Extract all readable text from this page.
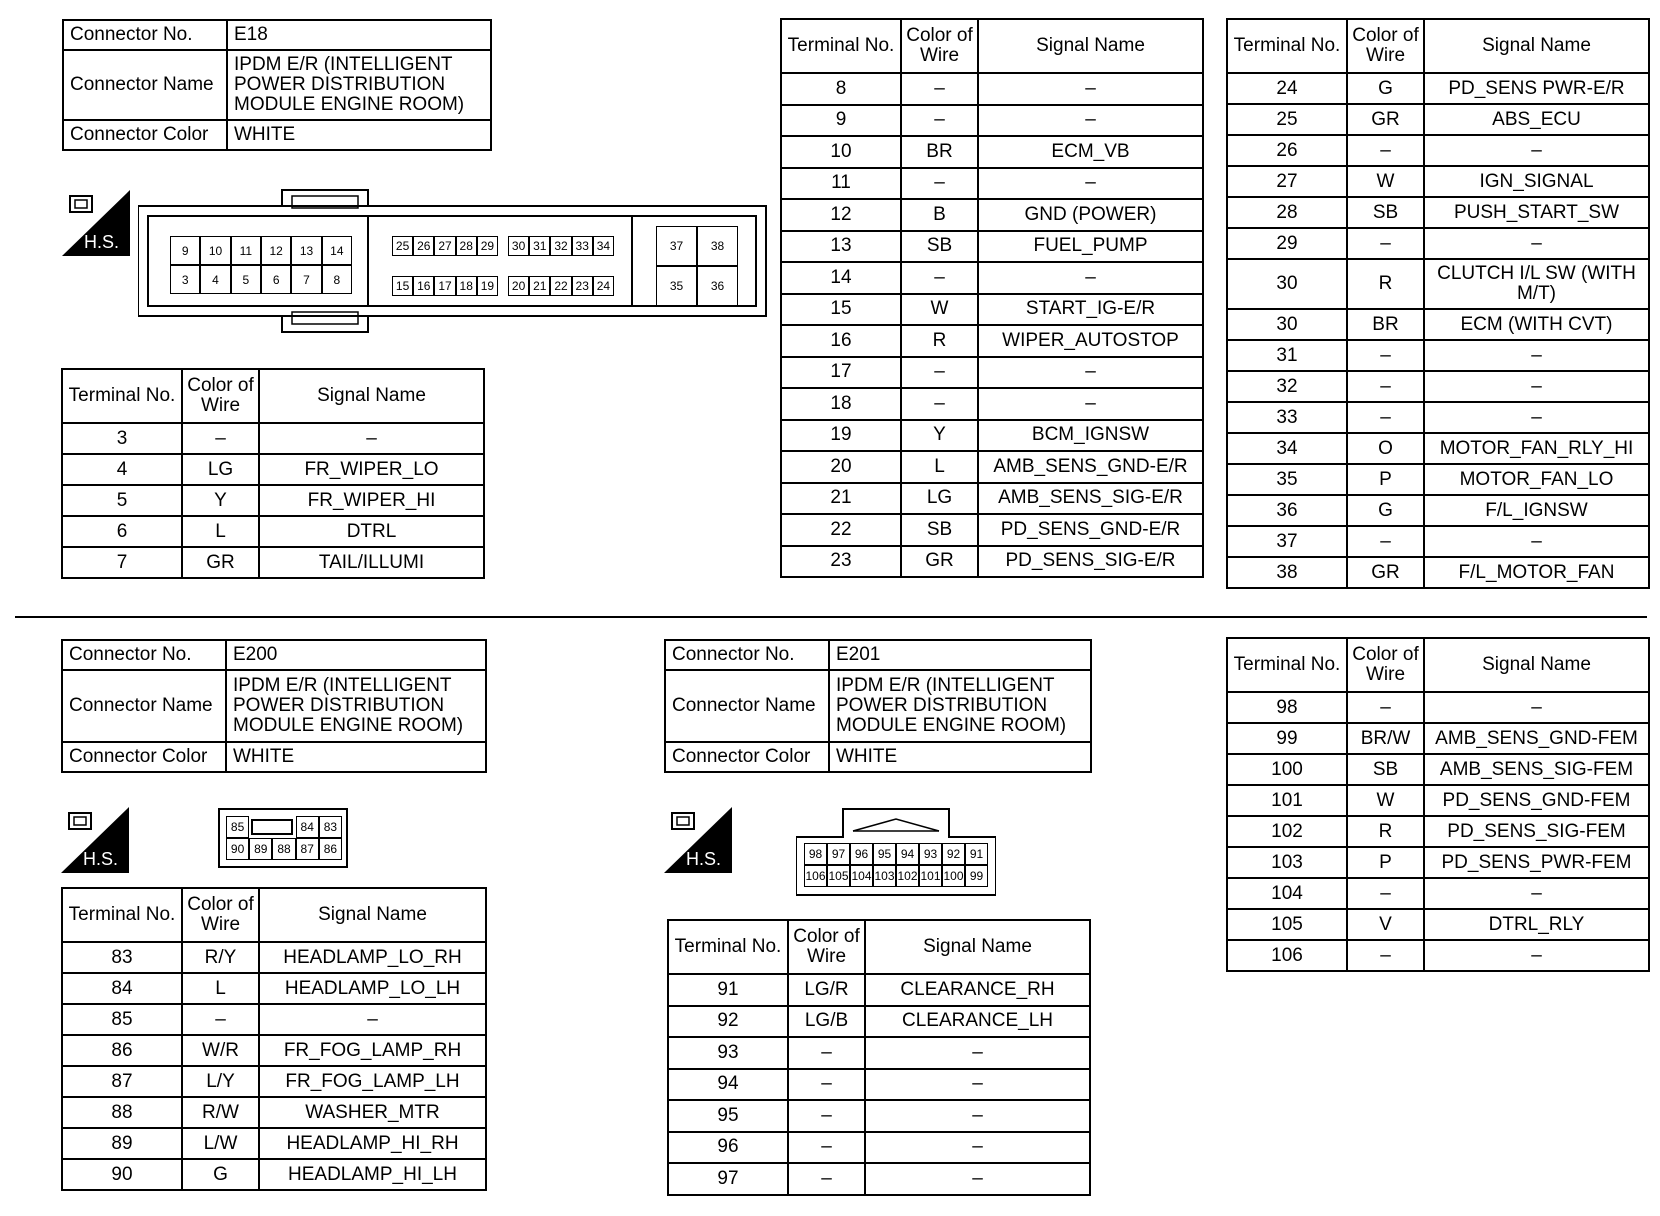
Connector No.	E18
Connector Name	IPDM E/R (INTELLIGENT POWER DISTRIBUTION MODULE ENGINE ROOM)
Connector Color	WHITE
H.S.	9	10	11	12	13	14
3	4	5	6	7	8
25 26 27 28 29	30 31 32 33 34
15 16 17 18 19	20 21 22 23 24
37	38
35	36
Terminal No.	Color of Wire	Signal Name
3	–	–
4	LG	FR_WIPER_LO
5	Y	FR_WIPER_HI
6	L	DTRL
7	GR	TAIL/ILLUMI
Terminal No.	Color of Wire	Signal Name
8	–	–
9	–	–
10	BR	ECM_VB
11	–	–
12	B	GND (POWER)
13	SB	FUEL_PUMP
14	–	–
15	W	START_IG-E/R
16	R	WIPER_AUTOSTOP
17	–	–
18	–	–
19	Y	BCM_IGNSW
20	L	AMB_SENS_GND-E/R
21	LG	AMB_SENS_SIG-E/R
22	SB	PD_SENS_GND-E/R
23	GR	PD_SENS_SIG-E/R
Terminal No.	Color of Wire	Signal Name
24	G	PD_SENS PWR-E/R
25	GR	ABS_ECU
26	–	–
27	W	IGN_SIGNAL
28	SB	PUSH_START_SW
29	–	–
30	R	CLUTCH I/L SW (WITH M/T)
30	BR	ECM (WITH CVT)
31	–	–
32	–	–
33	–	–
34	O	MOTOR_FAN_RLY_HI
35	P	MOTOR_FAN_LO
36	G	F/L_IGNSW
37	–	–
38	GR	F/L_MOTOR_FAN
Connector No.	E200
Connector Name	IPDM E/R (INTELLIGENT POWER DISTRIBUTION MODULE ENGINE ROOM)
Connector Color	WHITE
H.S.
85	84 83
90 89 88 87 86
Terminal No.	Color of Wire	Signal Name
83	R/Y	HEADLAMP_LO_RH
84	L	HEADLAMP_LO_LH
85	–	–
86	W/R	FR_FOG_LAMP_RH
87	L/Y	FR_FOG_LAMP_LH
88	R/W	WASHER_MTR
89	L/W	HEADLAMP_HI_RH
90	G	HEADLAMP_HI_LH
Connector No.	E201
Connector Name	IPDM E/R (INTELLIGENT POWER DISTRIBUTION MODULE ENGINE ROOM)
Connector Color	WHITE
H.S.	98 97 96 95 94 93 92 91
106 105 104 103 102 101 100 99
Terminal No.	Color of Wire	Signal Name
91	LG/R	CLEARANCE_RH
92	LG/B	CLEARANCE_LH
93	–	–
94	–	–
95	–	–
96	–	–
97	–	–
Terminal No.	Color of Wire	Signal Name
98	–	–
99	BR/W	AMB_SENS_GND-FEM
100	SB	AMB_SENS_SIG-FEM
101	W	PD_SENS_GND-FEM
102	R	PD_SENS_SIG-FEM
103	P	PD_SENS_PWR-FEM
104	–	–
105	V	DTRL_RLY
106	–	–
